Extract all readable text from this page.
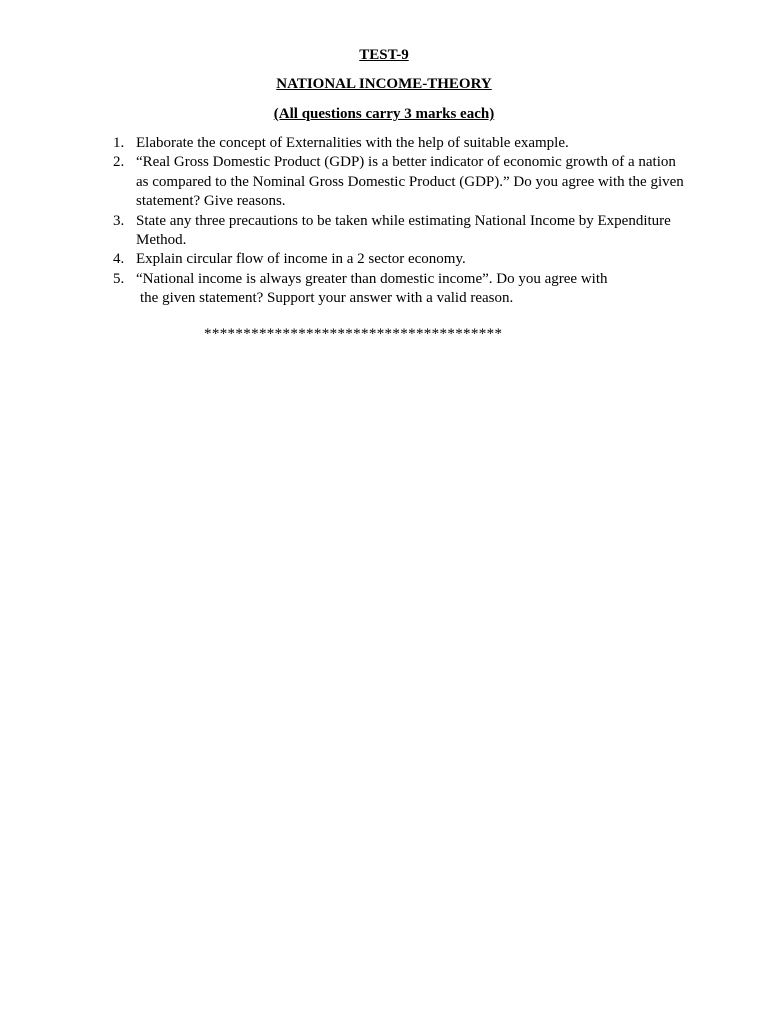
TEST-9
NATIONAL INCOME-THEORY
(All questions carry 3 marks each)
1. Elaborate the concept of Externalities with the help of suitable example.
2. “Real Gross Domestic Product (GDP) is a better indicator of economic growth of a nation as compared to the Nominal Gross Domestic Product (GDP).” Do you agree with the given statement? Give reasons.
3. State any three precautions to be taken while estimating National Income by Expenditure Method.
4. Explain circular flow of income in a 2 sector economy.
5. “National income is always greater than domestic income”. Do you agree with
the given statement? Support your answer with a valid reason.
**************************************
